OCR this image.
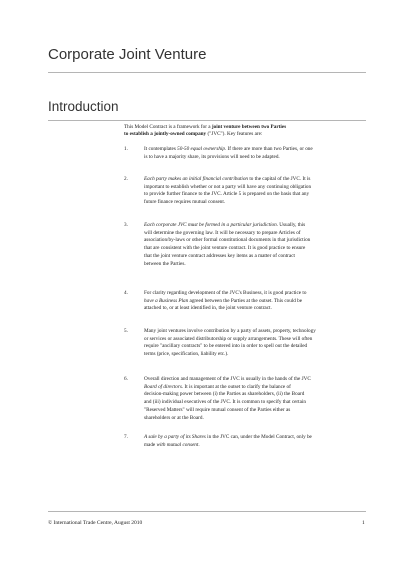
Corporate Joint Venture
Introduction
This Model Contract is a framework for a joint venture between two Parties
to establish a jointly-owned company ("JVC"). Key features are:
1.	It contemplates 50-50 equal ownership. If there are more than two Parties, or one
is to have a majority share, its provisions will need to be adapted.
2.	Each party makes an initial financial contribution to the capital of the JVC. It is
important to establish whether or not a party will have any continuing obligation
to provide further finance to the JVC. Article 5 is prepared on the basis that any
future finance requires mutual consent.
3.	Each corporate JVC must be formed in a particular jurisdiction. Usually, this
will determine the governing law. It will be necessary to prepare Articles of
association/by-laws or other formal constitutional documents in that jurisdiction
that are consistent with the joint venture contract. It is good practice to ensure
that the joint venture contract addresses key items as a matter of contract
between the Parties.
4.	For clarity regarding development of the JVC's Business, it is good practice to
have a Business Plan agreed between the Parties at the outset. This could be
attached to, or at least identified in, the joint venture contract.
5.	Many joint ventures involve contribution by a party of assets, property, technology
or services or associated distributorship or supply arrangements. These will often
require "ancillary contracts" to be entered into in order to spell out the detailed
terms (price, specification, liability etc.).
6.	Overall direction and management of the JVC is usually in the hands of the JVC
Board of directors. It is important at the outset to clarify the balance of
decision-making power between (i) the Parties as shareholders, (ii) the Board
and (iii) individual executives of the JVC. It is common to specify that certain
"Reserved Matters" will require mutual consent of the Parties either as
shareholders or at the Board.
7.	A sale by a party of its Shares in the JVC can, under the Model Contract, only be
made with mutual consent.
© International Trade Centre, August 2010	1
